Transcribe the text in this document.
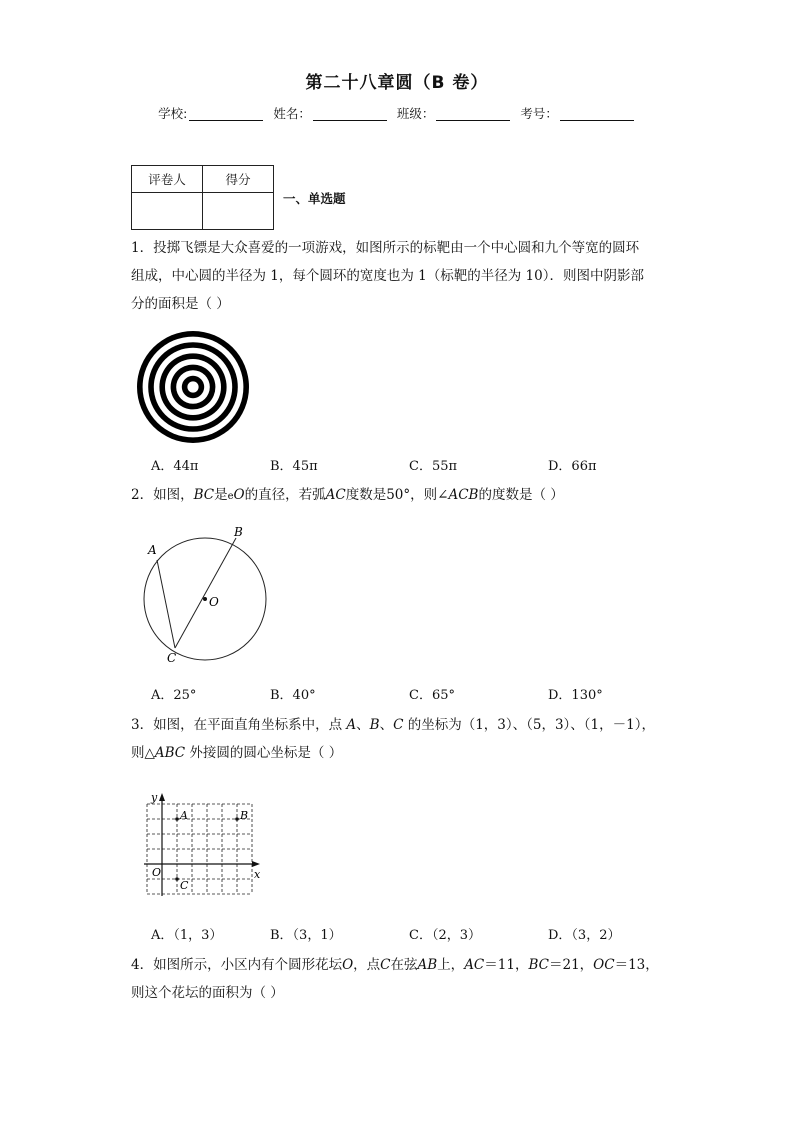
第二十八章圆（B 卷）
学校:	姓名：	班级：	考号：
评卷人	得分

一、单选题
1．投掷飞镖是大众喜爱的一项游戏，如图所示的标靶由一个中心圆和九个等宽的圆环
组成，中心圆的半径为 1，每个圆环的宽度也为 1（标靶的半径为 10）．则图中阴影部
分的面积是（ ）
A．44π	B．45π	C．55π	D．66π
2．如图，BC是eO的直径，若弧AC度数是50°，则∠ACB的度数是（ ）
A
B
C
O
A．25°	B．40°	C．65°	D．130°
3．如图，在平面直角坐标系中，点 A、B、C 的坐标为（1，3）、（5，3）、（1，－1），
则△ABC 外接圆的圆心坐标是（ ）
y
x
O
A	B
C
A．（1，3）	B．（3，1）	C．（2，3）	D．（3，2）
4．如图所示，小区内有个圆形花坛O，点C在弦AB上，AC＝11，BC＝21，OC＝13，
则这个花坛的面积为（ ）
